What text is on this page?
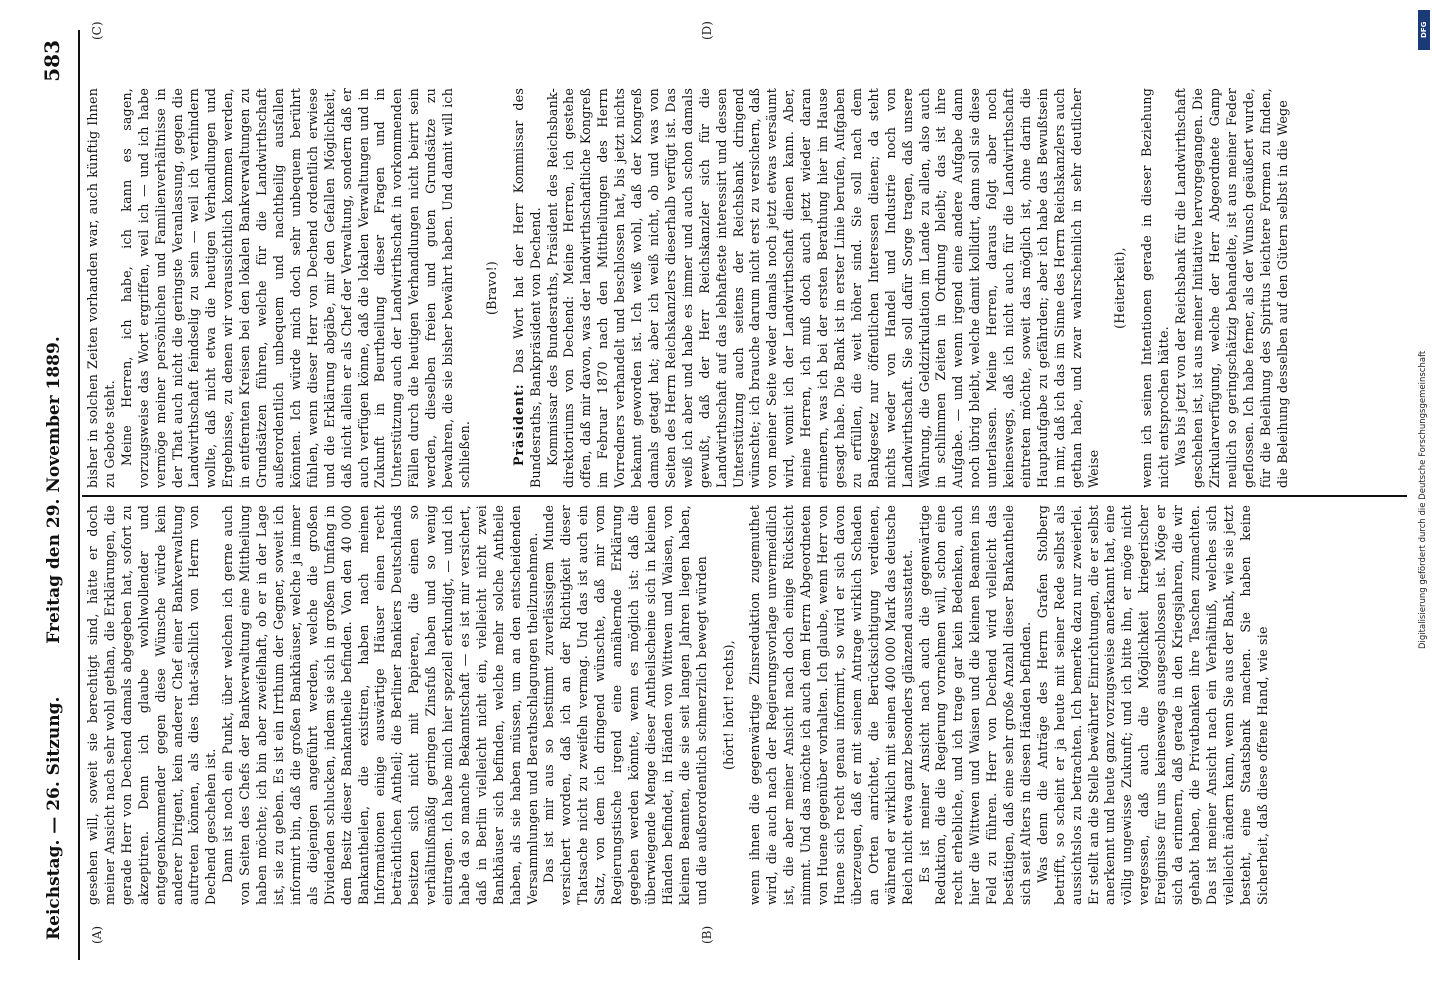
Reichstag. — 26. Sitzung.
Freitag den 29. November 1889.
583
(A)	(B)
(C)	(D)

gesehen will, soweit sie berechtigt sind, hätte er doch meiner Ansicht nach sehr wohl gethan, die Erklärungen, die gerade Herr von Dechend damals abgegeben hat, sofort zu akzeptiren. Denn ich glaube wohlwollender und entgegenkommender gegen diese Wünsche würde kein anderer Dirigent, kein anderer Chef einer Bankverwaltung auftreten können, als dies that-sächlich von Herrn von Dechend geschehen ist. Dann ist noch ein Punkt, über welchen ich gerne auch von Seiten des Chefs der Bankverwaltung eine Mittheilung haben möchte; ich bin aber zweifelhaft, ob er in der Lage ist, sie zu geben. Es ist ein Irrthum der Gegner, soweit ich informirt bin, daß die großen Bankhäuser, welche ja immer als diejenigen angeführt werden, welche die großen Dividenden schlucken, indem sie sich in großem Umfang in dem Besitz dieser Bankantheile befinden. Von den 40 000 Bankantheilen, die existiren, haben nach meinen Informationen einige auswärtige Häuser einen recht beträchtlichen Antheil; die Berliner Bankiers Deutschlands besitzen sich nicht mit Papieren, die einen so verhältnißmäßig geringen Zinsfuß haben und so wenig eintragen. Ich habe mich hier speziell erkundigt, — und ich habe da so manche Bekanntschaft — es ist mir versichert, daß in Berlin vielleicht nicht ein, vielleicht nicht zwei Bankhäuser sich befinden, welche mehr solche Antheile haben, als sie haben müssen, um an den entscheidenden Versammlungen und Berathschlagungen theilzunehmen. Das ist mir aus so bestimmt zuverlässigem Munde versichert worden, daß ich an der Richtigkeit dieser Thatsache nicht zu zweifeln vermag. Und das ist auch ein Satz, von dem ich dringend wünschte, daß mir vom Regierungstische irgend eine annähernde Erklärung gegeben werden könnte, wenn es möglich ist: daß die überwiegende Menge dieser Antheilscheine sich in kleinen Händen befindet, in Händen von Wittwen und Waisen, von kleinen Beamten, die sie seit langen Jahren liegen haben, und die außerordentlich schmerzlich bewegt würden (hört! hört! rechts), wenn ihnen die gegenwärtige Zinsreduktion zugemuthet wird, die auch nach der Regierungsvorlage unvermeidlich ist, die aber meiner Ansicht nach doch einige Rücksicht nimmt. Und das möchte ich auch dem Herrn Abgeordneten von Huene gegenüber vorhalten. Ich glaube, wenn Herr von Huene sich recht genau informirt, so wird er sich davon überzeugen, daß er mit seinem Antrage wirklich Schaden an Orten anrichtet, die Berücksichtigung verdienen, während er wirklich mit seinen 400 000 Mark das deutsche Reich nicht etwa ganz besonders glänzend ausstattet. Es ist meiner Ansicht nach auch die gegenwärtige Reduktion, die die Regierung vornehmen will, schon eine recht erhebliche, und ich trage gar kein Bedenken, auch hier die Wittwen und Waisen und die kleinen Beamten ins Feld zu führen. Herr von Dechend wird vielleicht das bestätigen, daß eine sehr große Anzahl dieser Bankantheile sich seit Alters in diesen Händen befinden. Was denn die Anträge des Herrn Grafen Stolberg betrifft, so scheint er ja heute mit seiner Rede selbst als aussichtslos zu betrachten. Ich bemerke dazu nur zweierlei. Er stellt an die Stelle bewährter Einrichtungen, die er selbst anerkennt und heute ganz vorzugsweise anerkannt hat, eine völlig ungewisse Zukunft; und ich bitte ihn, er möge nicht vergessen, daß auch die Möglichkeit kriegerischer Ereignisse für uns keineswegs ausgeschlossen ist. Möge er sich da erinnern, daß gerade in den Kriegsjahren, die wir gehabt haben, die Privatbanken ihre Taschen zumachten. Das ist meiner Ansicht nach ein Verhältniß, welches sich vielleicht ändern kann, wenn Sie aus der Bank, wie sie jetzt besteht, eine Staatsbank machen. Sie haben keine Sicherheit, daß diese offene Hand, wie sie

bisher in solchen Zeiten vorhanden war, auch künftig Ihnen zu Gebote steht. Meine Herren, ich habe, ich kann es sagen, vorzugsweise das Wort ergriffen, weil ich — und ich habe vermöge meiner persönlichen und Familienverhältnisse in der That auch nicht die geringste Veranlassung, gegen die Landwirthschaft feindselig zu sein — weil ich verhindern wollte, daß nicht etwa die heutigen Verhandlungen und Ergebnisse, zu denen wir voraussichtlich kommen werden, in entfernten Kreisen bei den lokalen Bankverwaltungen zu Grundsätzen führen, welche für die Landwirthschaft außerordentlich unbequem und nachtheilig ausfallen könnten. Ich würde mich doch sehr unbequem berührt fühlen, wenn dieser Herr von Dechend ordentlich erwiese und die Erklärung abgäbe, mir den Gefallen Möglichkeit, daß nicht allein er als Chef der Verwaltung, sondern daß er auch verfügen könne, daß die lokalen Verwaltungen und in Zukunft in Beurtheilung dieser Fragen und in Unterstützung auch der Landwirthschaft in vorkommenden Fällen durch die heutigen Verhandlungen nicht beirrt sein werden, dieselben freien und guten Grundsätze zu bewahren, die sie bisher bewährt haben. Und damit will ich schließen.

(Bravo!)

Präsident: Das Wort hat der Herr Kommissar des Bundesraths, Bankpräsident von Dechend. Kommissar des Bundesraths, Präsident des Reichsbank-direktoriums von Dechend: Meine Herren, ich gestehe offen, daß mir davon, was der landwirthschaftliche Kongreß im Februar 1870 nach den Mittheilungen des Herrn Vorredners verhandelt und beschlossen hat, bis jetzt nichts bekannt geworden ist. Ich weiß wohl, daß der Kongreß damals getagt hat; aber ich weiß nicht, ob und was von Seiten des Herrn Reichskanzlers dieserhalb verfügt ist. Das weiß ich aber und habe es immer und auch schon damals gewußt, daß der Herr Reichskanzler sich für die Landwirthschaft auf das lebhafteste interessirt und dessen Unterstützung auch seitens der Reichsbank dringend wünschte; ich brauche darum nicht erst zu versichern, daß von meiner Seite weder damals noch jetzt etwas versäumt wird, womit ich der Landwirthschaft dienen kann. Aber, meine Herren, ich muß doch auch jetzt wieder daran erinnern, was ich bei der ersten Berathung hier im Hause gesagt habe. Die Bank ist in erster Linie berufen, Aufgaben zu erfüllen, die weit höher sind. Sie soll nach dem Bankgesetz nur öffentlichen Interessen dienen; da steht nichts weder von Handel und Industrie noch von Landwirthschaft. Sie soll dafür Sorge tragen, daß unsere Währung, die Geldzirkulation im Lande zu allen, also auch in schlimmen Zeiten in Ordnung bleibt; das ist ihre Aufgabe. — und wenn irgend eine andere Aufgabe dann noch übrig bleibt, welche damit kollidirt, dann soll sie diese unterlassen. Meine Herren, daraus folgt aber noch keineswegs, daß ich nicht auch für die Landwirthschaft eintreten möchte, soweit das möglich ist, ohne darin die Hauptaufgabe zu gefährden; aber ich habe das Bewußtsein in mir, daß ich das im Sinne des Herrn Reichskanzlers auch gethan habe, und zwar wahrscheinlich in sehr deutlicher Weise

(Heiterkeit), wenn ich seinen Intentionen gerade in dieser Beziehung nicht entsprochen hätte. Was bis jetzt von der Reichsbank für die Landwirthschaft geschehen ist, ist aus meiner Initiative hervorgegangen. Die Zirkularverfügung, welche der Herr Abgeordnete Gamp neulich so geringschätzig behandelte, ist aus meiner Feder geflossen. Ich habe ferner, als der Wunsch geäußert wurde, für die Beleihung des Spiritus leichtere Formen zu finden, die Beleihung desselben auf den Gütern selbst in die Wege

DFG
Digitalisierung gefördert durch die Deutsche Forschungsgemeinschaft
